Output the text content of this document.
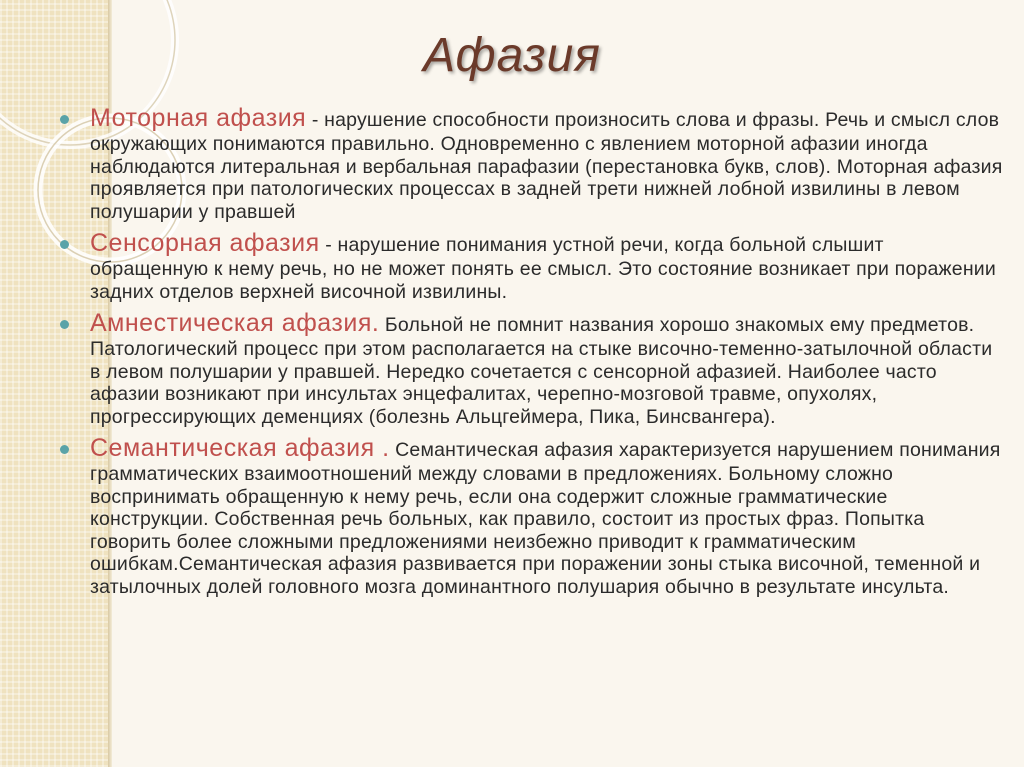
Афазия
Моторная афазия - нарушение способности произносить слова и фразы. Речь и смысл слов окружающих понимаются правильно. Одновременно с явлением моторной афазии иногда наблюдаются литеральная и вербальная парафазии (перестановка букв, слов). Моторная афазия проявляется при патологических процессах в задней трети нижней лобной извилины в левом полушарии у правшей
Сенсорная афазия - нарушение понимания устной речи, когда больной слышит обращенную к нему речь, но не может понять ее смысл. Это состояние возникает при поражении задних отделов верхней височной извилины.
Амнестическая афазия. Больной не помнит названия хорошо знакомых ему предметов. Патологический процесс при этом располагается на стыке височно-теменно-затылочной области в левом полушарии у правшей. Нередко сочетается с сенсорной афазией. Наиболее часто афазии возникают при инсультах энцефалитах, черепно-мозговой травме, опухолях, прогрессирующих деменциях (болезнь Альцгеймера, Пика, Бинсвангера).
Семантическая афазия . Семантическая афазия характеризуется нарушением понимания грамматических взаимоотношений между словами в предложениях. Больному сложно воспринимать обращенную к нему речь, если она содержит сложные грамматические конструкции. Собственная речь больных, как правило, состоит из простых фраз. Попытка говорить более сложными предложениями неизбежно приводит к грамматическим ошибкам.Семантическая афазия развивается при поражении зоны стыка височной, теменной и затылочных долей головного мозга доминантного полушария обычно в результате инсульта.
